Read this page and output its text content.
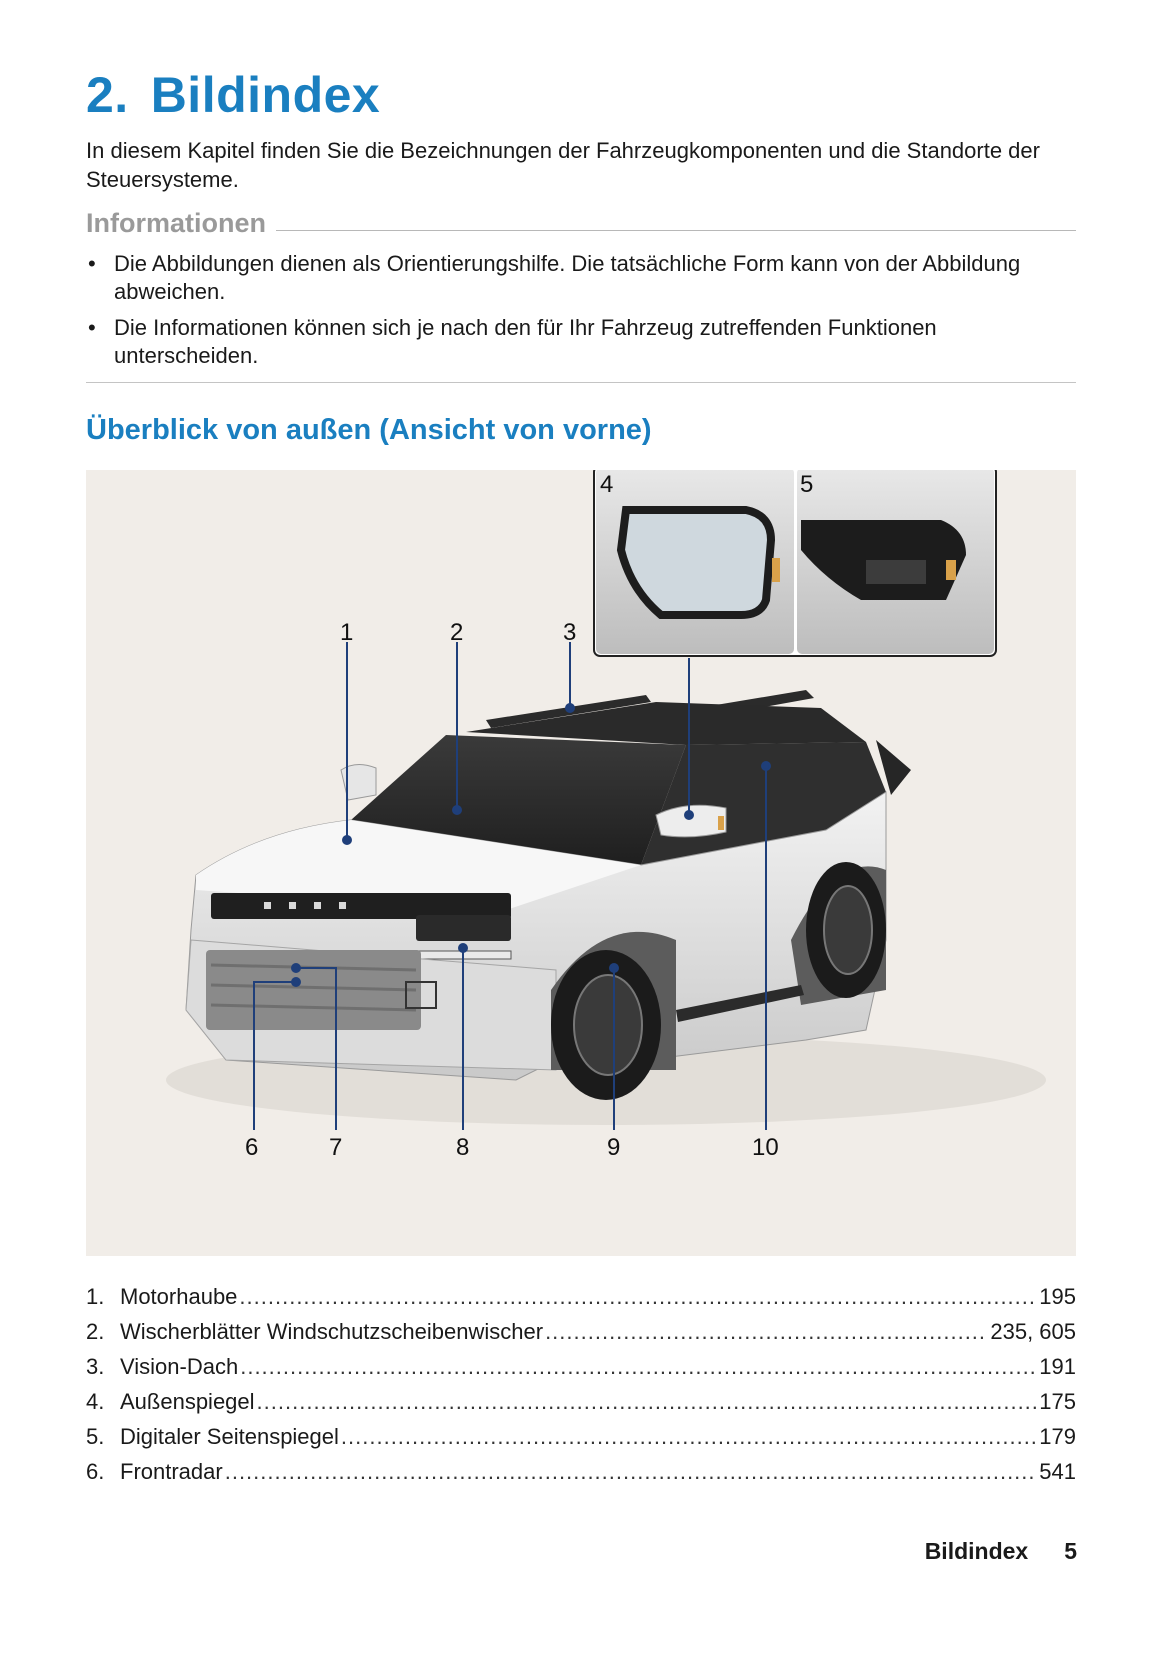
2. Bildindex

In diesem Kapitel finden Sie die Bezeichnungen der Fahrzeugkomponenten und die Standorte der Steuersysteme.

Informationen
• Die Abbildungen dienen als Orientierungshilfe. Die tatsächliche Form kann von der Abbildung abweichen.
• Die Informationen können sich je nach den für Ihr Fahrzeug zutreffenden Funktionen unterscheiden.
Überblick von außen (Ansicht von vorne)
1	2	3
4	5
6	7	8	9	10
1. Motorhaube .....	195
2. Wischerblätter Windschutzscheibenwischer .....	235, 605
3. Vision-Dach .....	191
4. Außenspiegel .....	175
5. Digitaler Seitenspiegel .....	179
6. Frontradar .....	541
Bildindex 5
